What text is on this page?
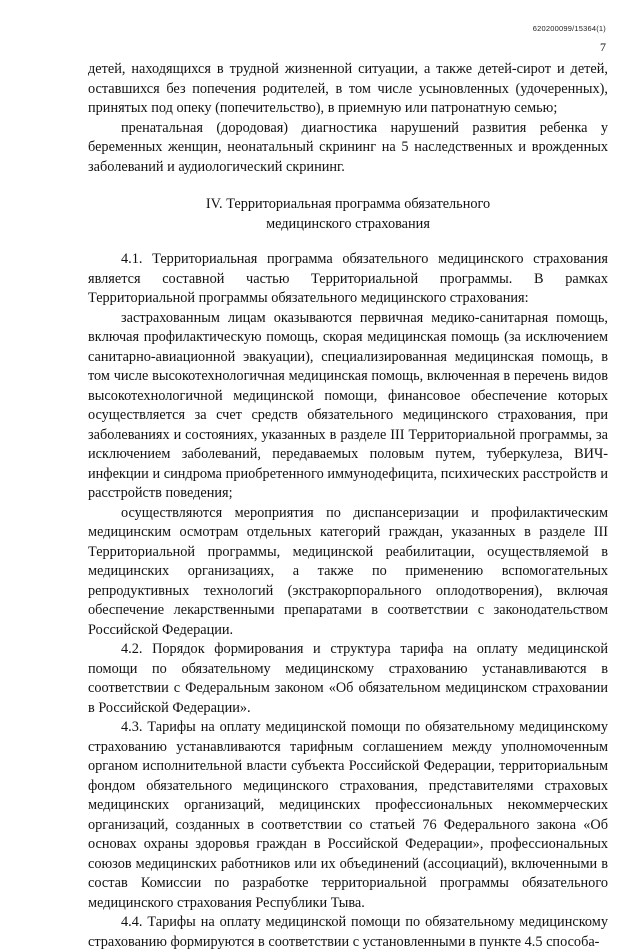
620200099/15364(1)
7

детей, находящихся в трудной жизненной ситуации, а также детей-сирот и детей, оставшихся без попечения родителей, в том числе усыновленных (удочеренных), принятых под опеку (попечительство), в приемную или патронатную семью;

пренатальная (дородовая) диагностика нарушений развития ребенка у беременных женщин, неонатальный скрининг на 5 наследственных и врожденных заболеваний и аудиологический скрининг.

IV. Территориальная программа обязательного
медицинского страхования

4.1. Территориальная программа обязательного медицинского страхования является составной частью Территориальной программы. В рамках Территориальной программы обязательного медицинского страхования:

застрахованным лицам оказываются первичная медико-санитарная помощь, включая профилактическую помощь, скорая медицинская помощь (за исключением санитарно-авиационной эвакуации), специализированная медицинская помощь, в том числе высокотехнологичная медицинская помощь, включенная в перечень видов высокотехнологичной медицинской помощи, финансовое обеспечение которых осуществляется за счет средств обязательного медицинского страхования, при заболеваниях и состояниях, указанных в разделе III Территориальной программы, за исключением заболеваний, передаваемых половым путем, туберкулеза, ВИЧ-инфекции и синдрома приобретенного иммунодефицита, психических расстройств и расстройств поведения;

осуществляются мероприятия по диспансеризации и профилактическим медицинским осмотрам отдельных категорий граждан, указанных в разделе III Территориальной программы, медицинской реабилитации, осуществляемой в медицинских организациях, а также по применению вспомогательных репродуктивных технологий (экстракорпорального оплодотворения), включая обеспечение лекарственными препаратами в соответствии с законодательством Российской Федерации.

4.2. Порядок формирования и структура тарифа на оплату медицинской помощи по обязательному медицинскому страхованию устанавливаются в соответствии с Федеральным законом «Об обязательном медицинском страховании в Российской Федерации».

4.3. Тарифы на оплату медицинской помощи по обязательному медицинскому страхованию устанавливаются тарифным соглашением между уполномоченным органом исполнительной власти субъекта Российской Федерации, территориальным фондом обязательного медицинского страхования, представителями страховых медицинских организаций, медицинских профессиональных некоммерческих организаций, созданных в соответствии со статьей 76 Федерального закона «Об основах охраны здоровья граждан в Российской Федерации», профессиональных союзов медицинских работников или их объединений (ассоциаций), включенными в состав Комиссии по разработке территориальной программы обязательного медицинского страхования Республики Тыва.

4.4. Тарифы на оплату медицинской помощи по обязательному медицинскому страхованию формируются в соответствии с установленными в пункте 4.5 способа-
